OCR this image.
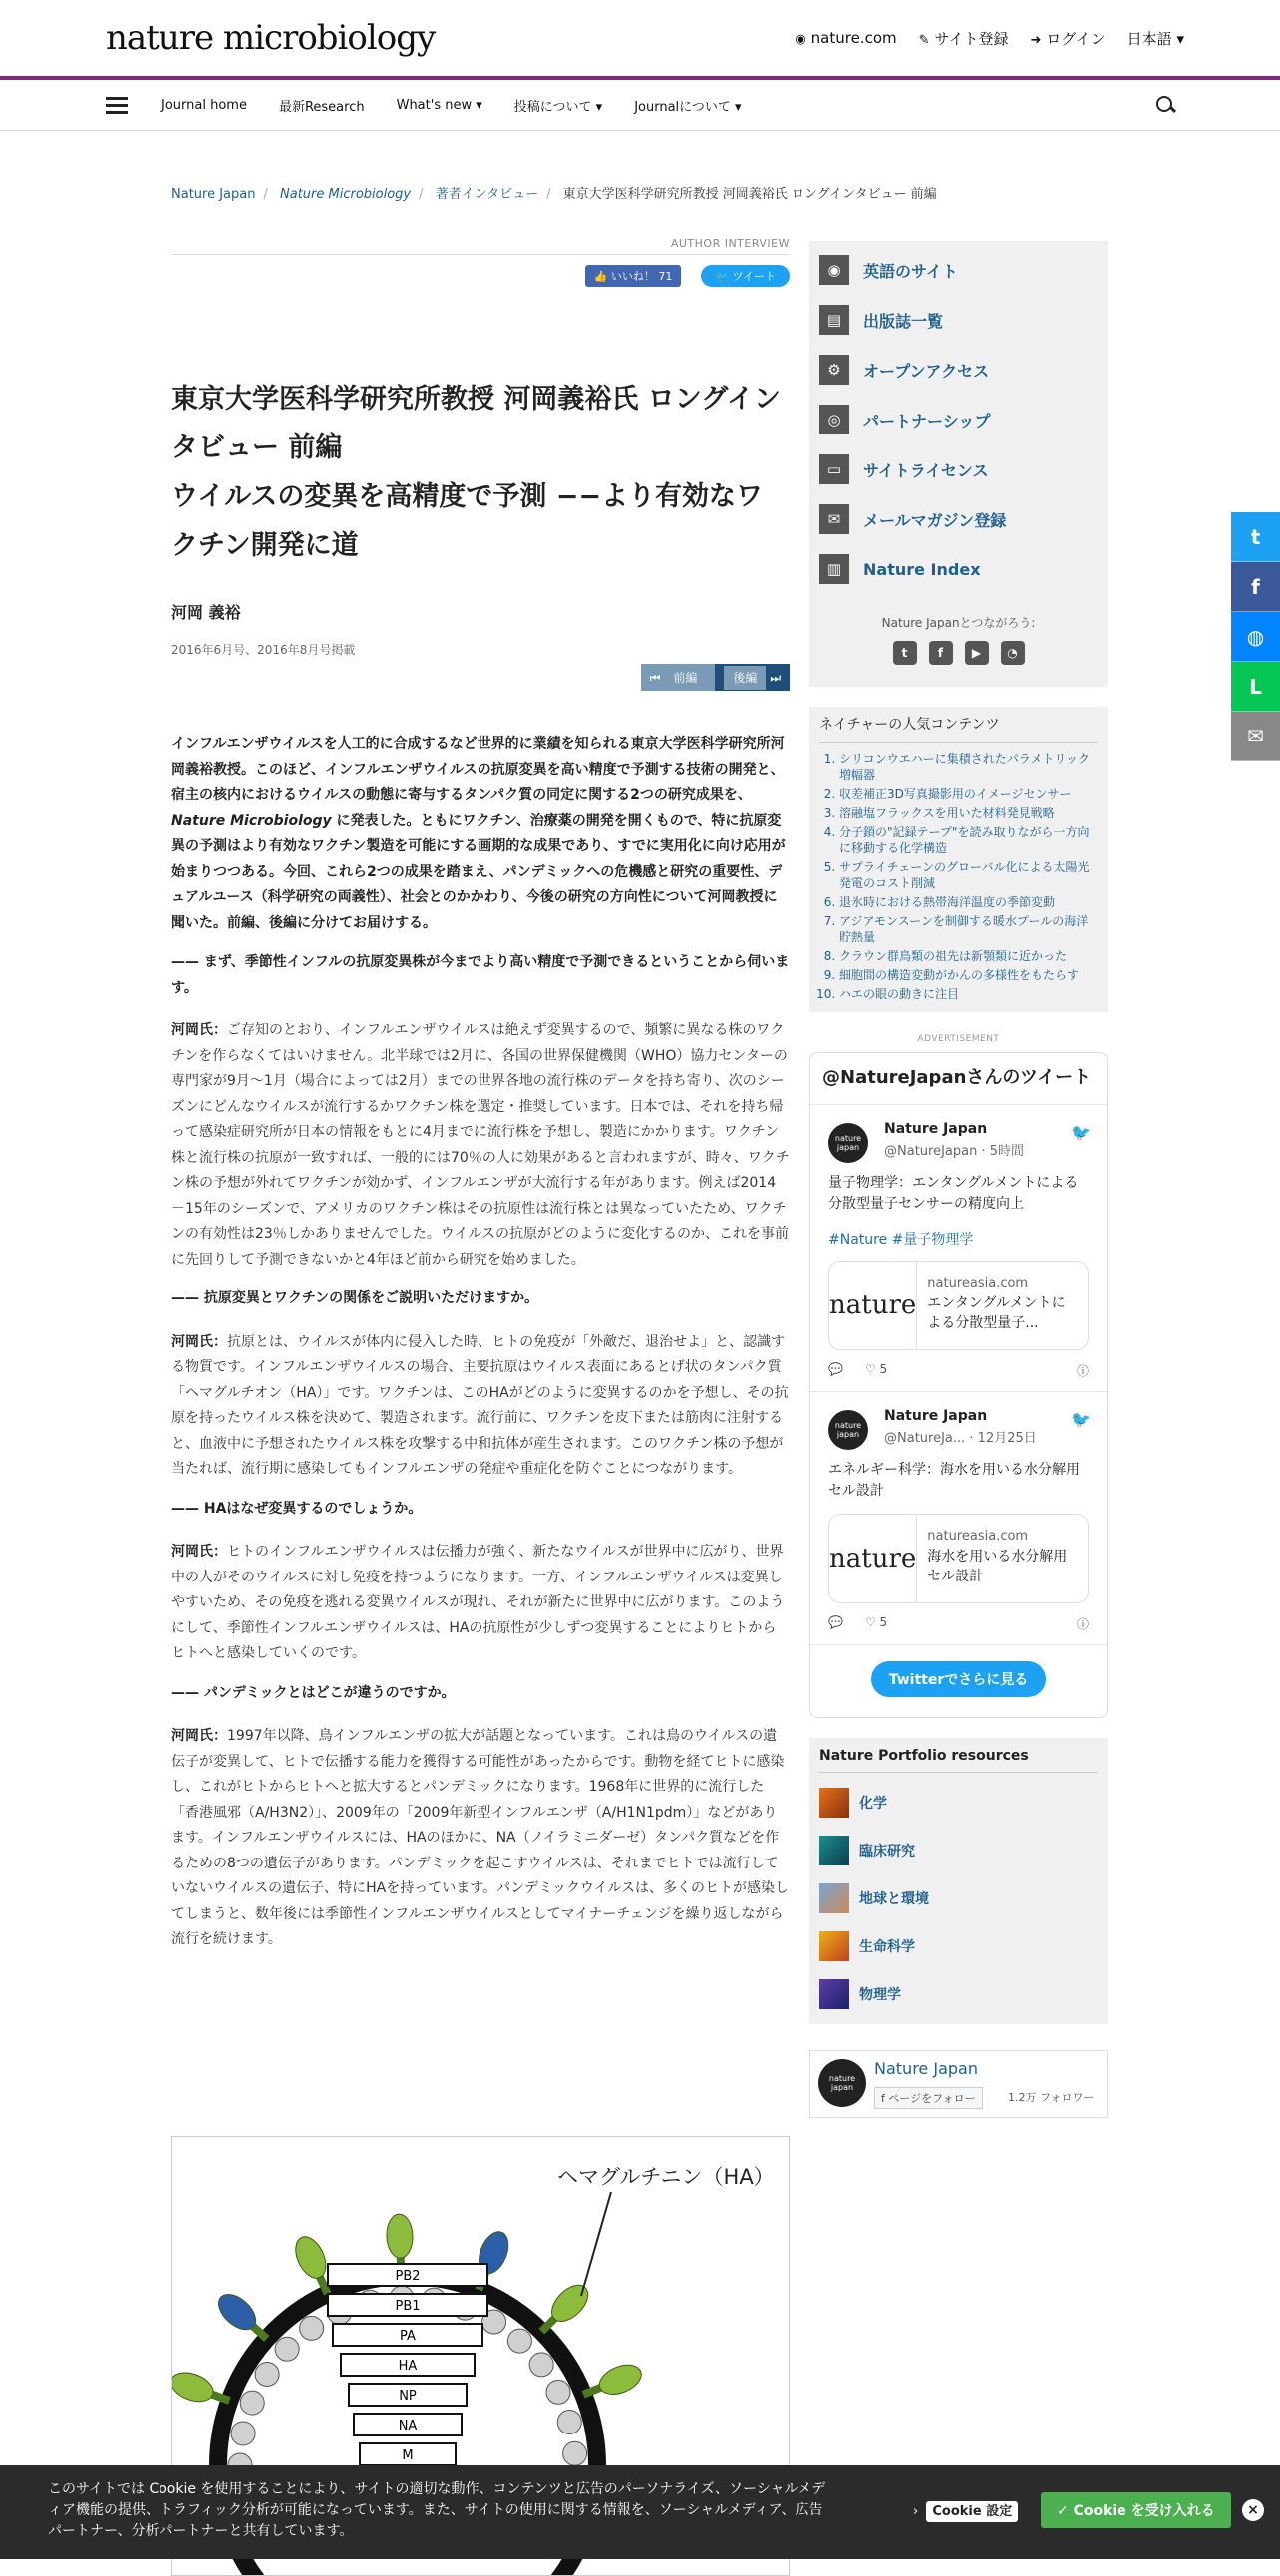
nature microbiology	◉ nature.com ✎ サイト登録 ➜ ログイン 日本語 ▾
Journal home 最新Research What's new ▾ 投稿について ▾ Journalについて ▾
Nature Japan / Nature Microbiology / 著者インタビュー / 東京大学医科学研究所教授 河岡義裕氏 ロングインタビュー 前編
AUTHOR INTERVIEW
👍 いいね！ 71	🐦 ツイート
東京大学医科学研究所教授 河岡義裕氏 ロングインタビュー 前編
ウイルスの変異を高精度で予測 −−より有効なワクチン開発に道
河岡 義裕
2016年6月号、2016年8月号掲載
⏮ 前編	後編 ⏭

インフルエンザウイルスを人工的に合成するなど世界的に業績を知られる東京大学医科学研究所河岡義裕教授。このほど、インフルエンザウイルスの抗原変異を高い精度で予測する技術の開発と、宿主の核内におけるウイルスの動態に寄与するタンパク質の同定に関する2つの研究成果を、Nature Microbiology に発表した。ともにワクチン、治療薬の開発を開くもので、特に抗原変異の予測はより有効なワクチン製造を可能にする画期的な成果であり、すでに実用化に向け応用が始まりつつある。今回、これら2つの成果を踏まえ、パンデミックへの危機感と研究の重要性、デュアルユース（科学研究の両義性）、社会とのかかわり、今後の研究の方向性について河岡教授に聞いた。前編、後編に分けてお届けする。

—— まず、季節性インフルの抗原変異株が今までより高い精度で予測できるということから伺います。

河岡氏：ご存知のとおり、インフルエンザウイルスは絶えず変異するので、頻繁に異なる株のワクチンを作らなくてはいけません。北半球では2月に、各国の世界保健機関（WHO）協力センターの専門家が9月〜1月（場合によっては2月）までの世界各地の流行株のデータを持ち寄り、次のシーズンにどんなウイルスが流行するかワクチン株を選定・推奨しています。日本では、それを持ち帰って感染症研究所が日本の情報をもとに4月までに流行株を予想し、製造にかかります。ワクチン株と流行株の抗原が一致すれば、一般的には70％の人に効果があると言われますが、時々、ワクチン株の予想が外れてワクチンが効かず、インフルエンザが大流行する年があります。例えば2014－15年のシーズンで、アメリカのワクチン株はその抗原性は流行株とは異なっていたため、ワクチンの有効性は23％しかありませんでした。ウイルスの抗原がどのように変化するのか、これを事前に先回りして予測できないかと4年ほど前から研究を始めました。

—— 抗原変異とワクチンの関係をご説明いただけますか。

河岡氏：抗原とは、ウイルスが体内に侵入した時、ヒトの免疫が「外敵だ、退治せよ」と、認識する物質です。インフルエンザウイルスの場合、主要抗原はウイルス表面にあるとげ状のタンパク質「ヘマグルチオン（HA）」です。ワクチンは、このHAがどのように変異するのかを予想し、その抗原を持ったウイルス株を決めて、製造されます。流行前に、ワクチンを皮下または筋肉に注射すると、血液中に予想されたウイルス株を攻撃する中和抗体が産生されます。このワクチン株の予想が当たれば、流行期に感染してもインフルエンザの発症や重症化を防ぐことにつながります。

—— HAはなぜ変異するのでしょうか。

河岡氏：ヒトのインフルエンザウイルスは伝播力が強く、新たなウイルスが世界中に広がり、世界中の人がそのウイルスに対し免疫を持つようになります。一方、インフルエンザウイルスは変異しやすいため、その免疫を逃れる変異ウイルスが現れ、それが新たに世界中に広がります。このようにして、季節性インフルエンザウイルスは、HAの抗原性が少しずつ変異することによりヒトからヒトへと感染していくのです。

—— パンデミックとはどこが違うのですか。

河岡氏：1997年以降、鳥インフルエンザの拡大が話題となっています。これは鳥のウイルスの遺伝子が変異して、ヒトで伝播する能力を獲得する可能性があったからです。動物を経てヒトに感染し、これがヒトからヒトへと拡大するとパンデミックになります。1968年に世界的に流行した「香港風邪（A/H3N2）」、2009年の「2009年新型インフルエンザ（A/H1N1pdm）」などがあります。インフルエンザウイルスには、HAのほかに、NA（ノイラミニダーゼ）タンパク質などを作るための8つの遺伝子があります。パンデミックを起こすウイルスは、それまでヒトでは流行していないウイルスの遺伝子、特にHAを持っています。パンデミックウイルスは、多くのヒトが感染してしまうと、数年後には季節性インフルエンザウイルスとしてマイナーチェンジを繰り返しながら流行を続けます。

ヘマグルチニン（HA）
PB2
PB1
PA
HA
NP
NA
M
◉	英語のサイト
▤	出版誌一覧
⚙	オープンアクセス
◎	パートナーシップ
▭	サイトライセンス
✉	メールマガジン登録
▥	Nature Index
Nature Japanとつながろう:
t	f	▶	◔
ネイチャーの人気コンテンツ
1. シリコンウエハーに集積されたパラメトリック増幅器
2. 収差補正3D写真撮影用のイメージセンサー
3. 溶融塩フラックスを用いた材料発見戦略
4. 分子鎖の"記録テープ"を読み取りながら一方向に移動する化学構造
5. サプライチェーンのグローバル化による太陽光発電のコスト削減
6. 退氷時における熱帯海洋温度の季節変動
7. アジアモンスーンを制御する暖水プールの海洋貯熱量
8. クラウン群鳥類の祖先は新顎類に近かった
9. 細胞間の構造変動がかんの多様性をもたらす
10. ハエの眼の動きに注目
ADVERTISEMENT
@NatureJapanさんのツイート
nature japan
Nature Japan
@NatureJapan · 5時間
🐦
量子物理学：エンタングルメントによる分散型量子センサーの精度向上
#Nature #量子物理学
nature
natureasia.com
エンタングルメントによる分散型量子...
💬 ♡ 5	ⓘ
nature japan
Nature Japan
@NatureJa... · 12月25日
🐦
エネルギー科学：海水を用いる水分解用セル設計
nature
natureasia.com
海水を用いる水分解用セル設計
💬 ♡ 5	ⓘ
Twitterでさらに見る
Nature Portfolio resources
化学
臨床研究
地球と環境
生命科学
物理学
nature japan
Nature Japan
f ページをフォロー	1.2万 フォロワー
t
f
◍
L
✉
このサイトでは Cookie を使用することにより、サイトの適切な動作、コンテンツと広告のパーソナライズ、ソーシャルメディア機能の提供、トラフィック分析が可能になっています。また、サイトの使用に関する情報を、ソーシャルメディア、広告パートナー、分析パートナーと共有しています。
› Cookie 設定	✓ Cookie を受け入れる	×
